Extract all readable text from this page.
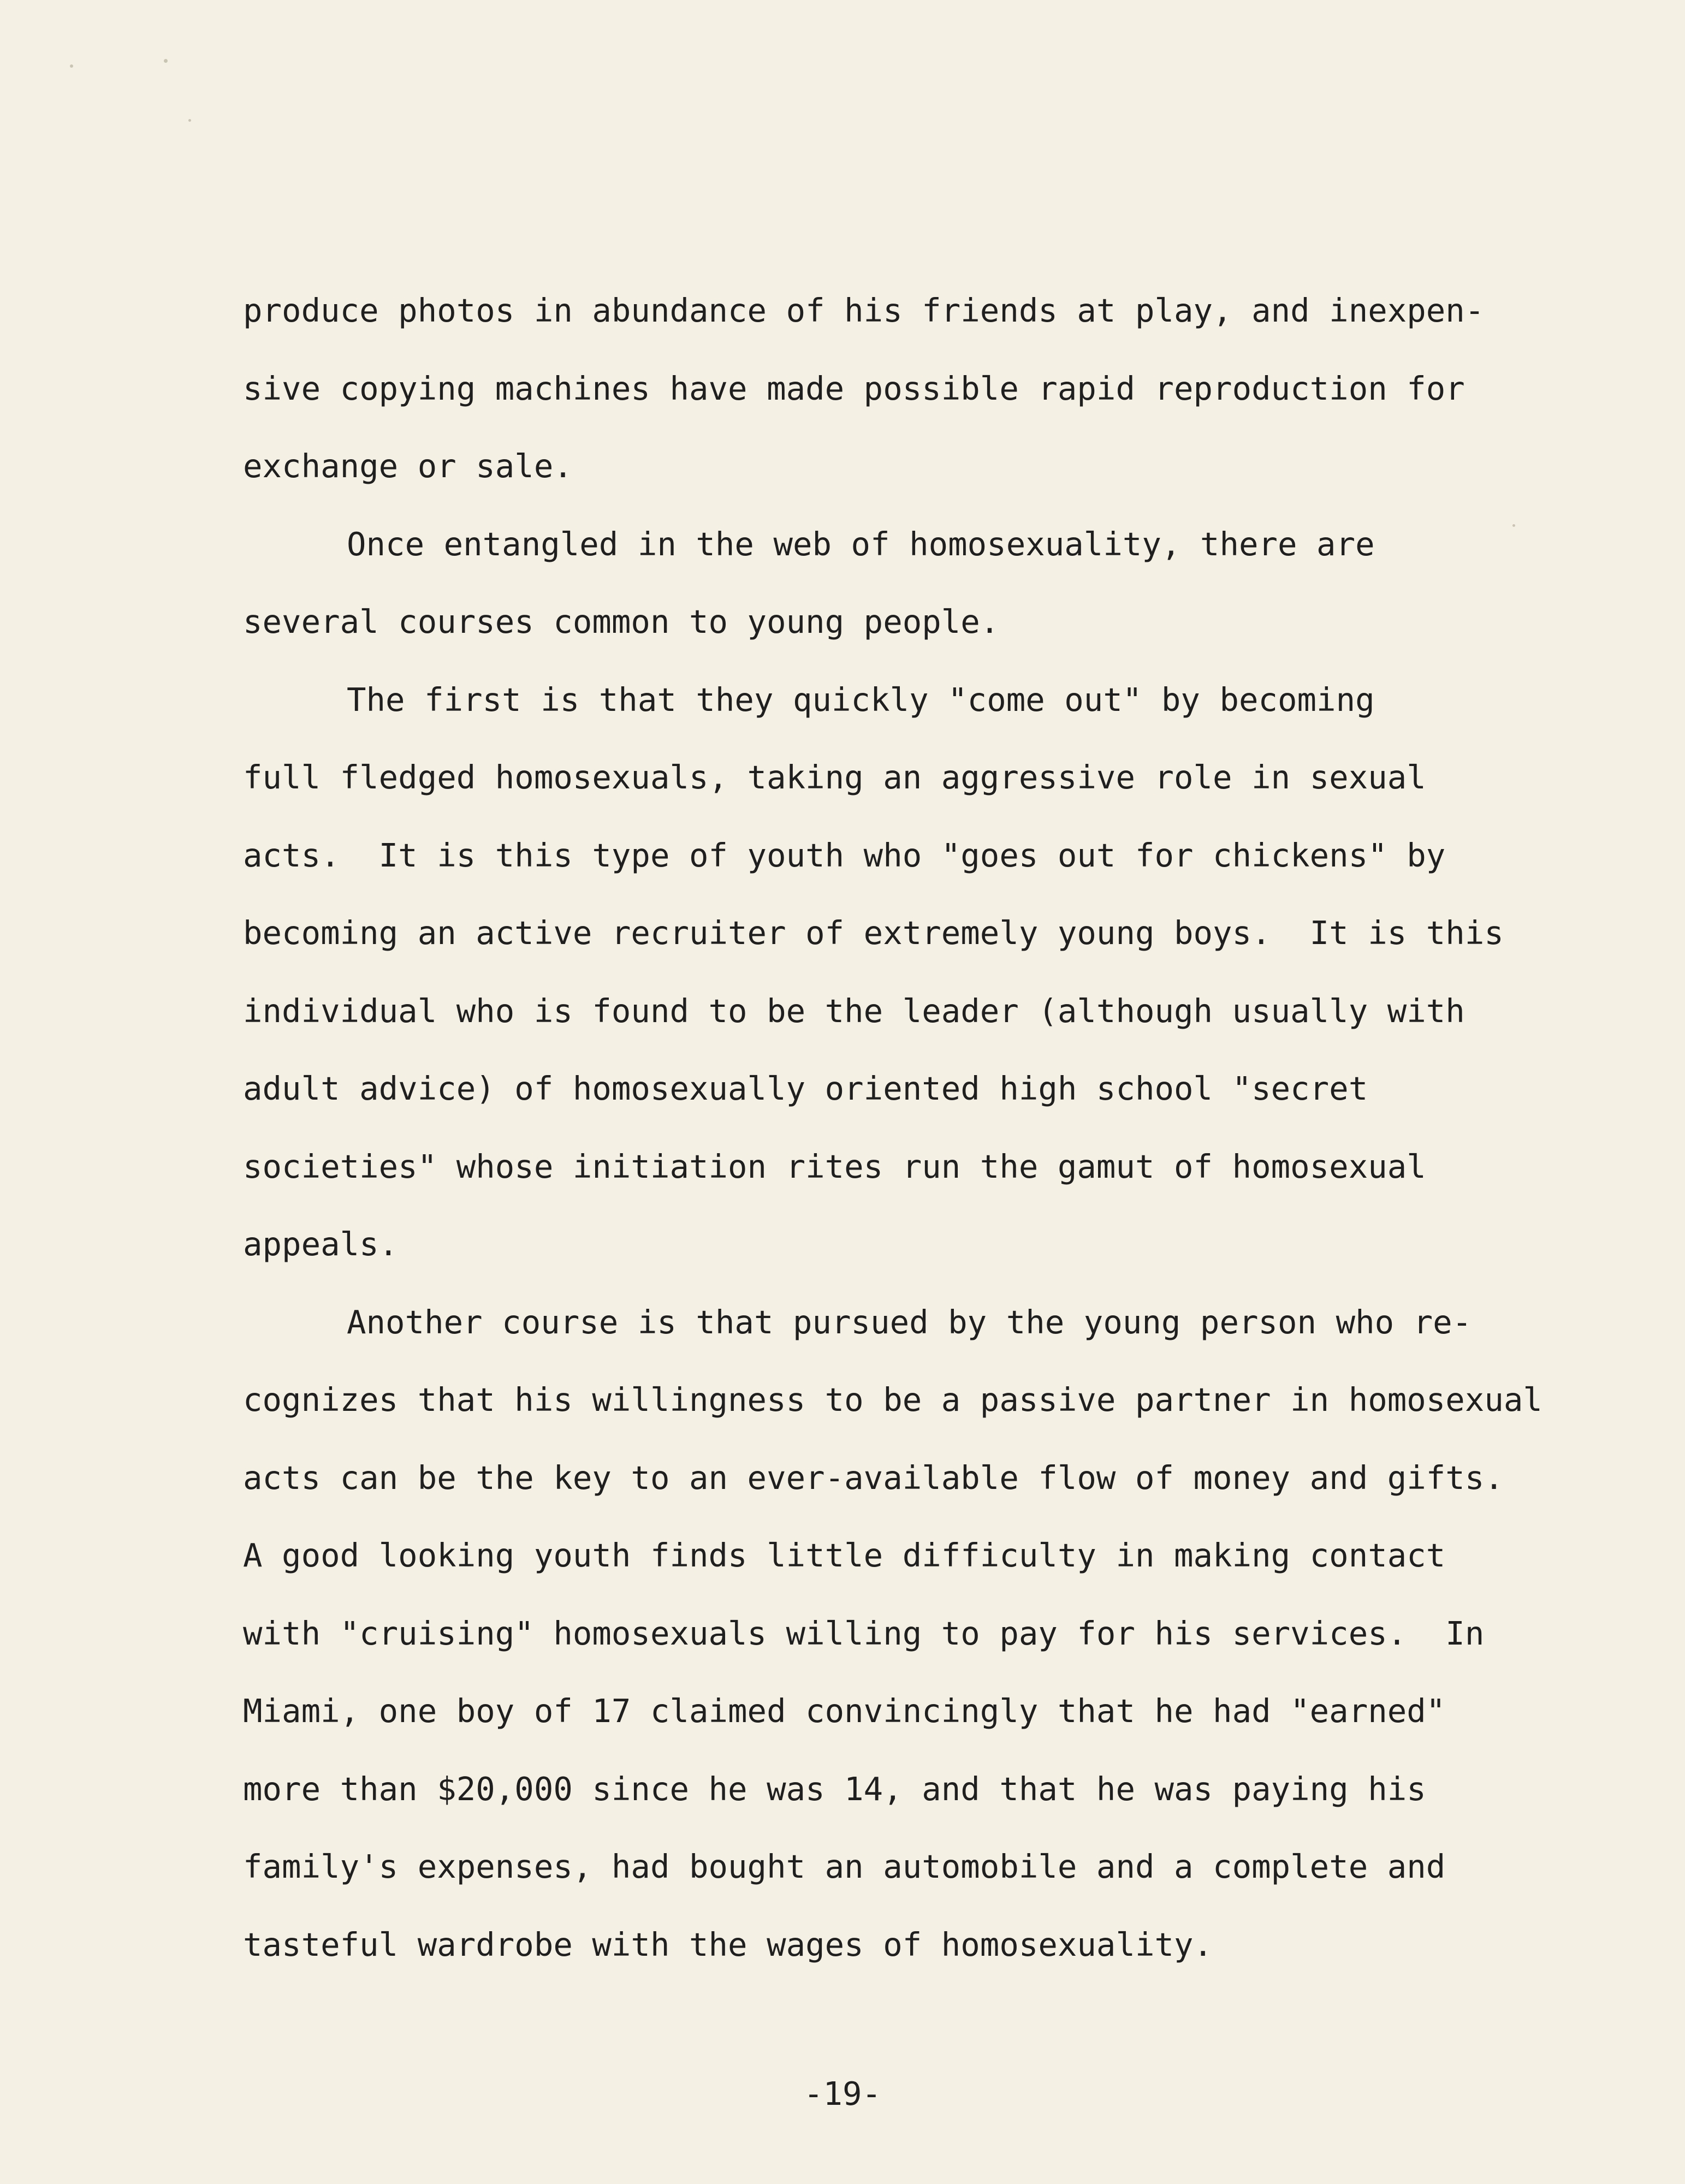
produce photos in abundance of his friends at play, and inexpen-
sive copying machines have made possible rapid reproduction for
exchange or sale.
Once entangled in the web of homosexuality, there are
several courses common to young people.
The first is that they quickly "come out" by becoming
full fledged homosexuals, taking an aggressive role in sexual
acts.  It is this type of youth who "goes out for chickens" by
becoming an active recruiter of extremely young boys.  It is this
individual who is found to be the leader (although usually with
adult advice) of homosexually oriented high school "secret
societies" whose initiation rites run the gamut of homosexual
appeals.
Another course is that pursued by the young person who re-
cognizes that his willingness to be a passive partner in homosexual
acts can be the key to an ever-available flow of money and gifts.
A good looking youth finds little difficulty in making contact
with "cruising" homosexuals willing to pay for his services.  In
Miami, one boy of 17 claimed convincingly that he had "earned"
more than $20,000 since he was 14, and that he was paying his
family's expenses, had bought an automobile and a complete and
tasteful wardrobe with the wages of homosexuality.
-19-
